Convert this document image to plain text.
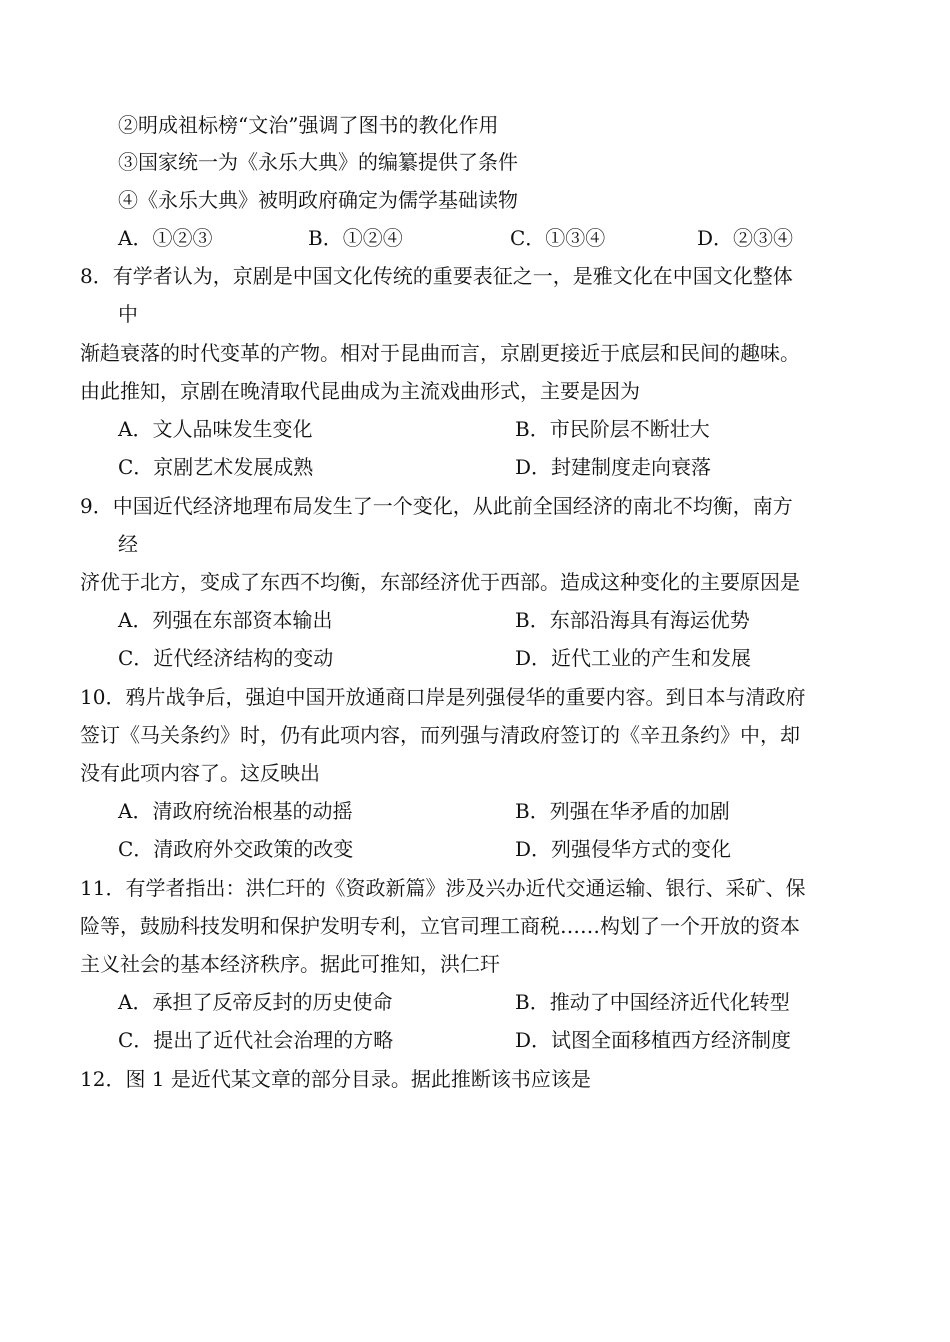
②明成祖标榜“文治”强调了图书的教化作用
③国家统一为《永乐大典》的编纂提供了条件
④《永乐大典》被明政府确定为儒学基础读物
A．①②③	B．①②④	C．①③④	D．②③④
8．有学者认为，京剧是中国文化传统的重要表征之一，是雅文化在中国文化整体
中
渐趋衰落的时代变革的产物。相对于昆曲而言，京剧更接近于底层和民间的趣味。
由此推知，京剧在晚清取代昆曲成为主流戏曲形式，主要是因为
A．文人品味发生变化	B．市民阶层不断壮大
C．京剧艺术发展成熟	D．封建制度走向衰落
9．中国近代经济地理布局发生了一个变化，从此前全国经济的南北不均衡，南方
经
济优于北方，变成了东西不均衡，东部经济优于西部。造成这种变化的主要原因是
A．列强在东部资本输出	B．东部沿海具有海运优势
C．近代经济结构的变动	D．近代工业的产生和发展
10．鸦片战争后，强迫中国开放通商口岸是列强侵华的重要内容。到日本与清政府
签订《马关条约》时，仍有此项内容，而列强与清政府签订的《辛丑条约》中，却
没有此项内容了。这反映出
A．清政府统治根基的动摇	B．列强在华矛盾的加剧
C．清政府外交政策的改变	D．列强侵华方式的变化
11．有学者指出：洪仁玕的《资政新篇》涉及兴办近代交通运输、银行、采矿、保
险等，鼓励科技发明和保护发明专利，立官司理工商税……构划了一个开放的资本
主义社会的基本经济秩序。据此可推知，洪仁玕
A．承担了反帝反封的历史使命	B．推动了中国经济近代化转型
C．提出了近代社会治理的方略	D．试图全面移植西方经济制度
12．图 1 是近代某文章的部分目录。据此推断该书应该是
